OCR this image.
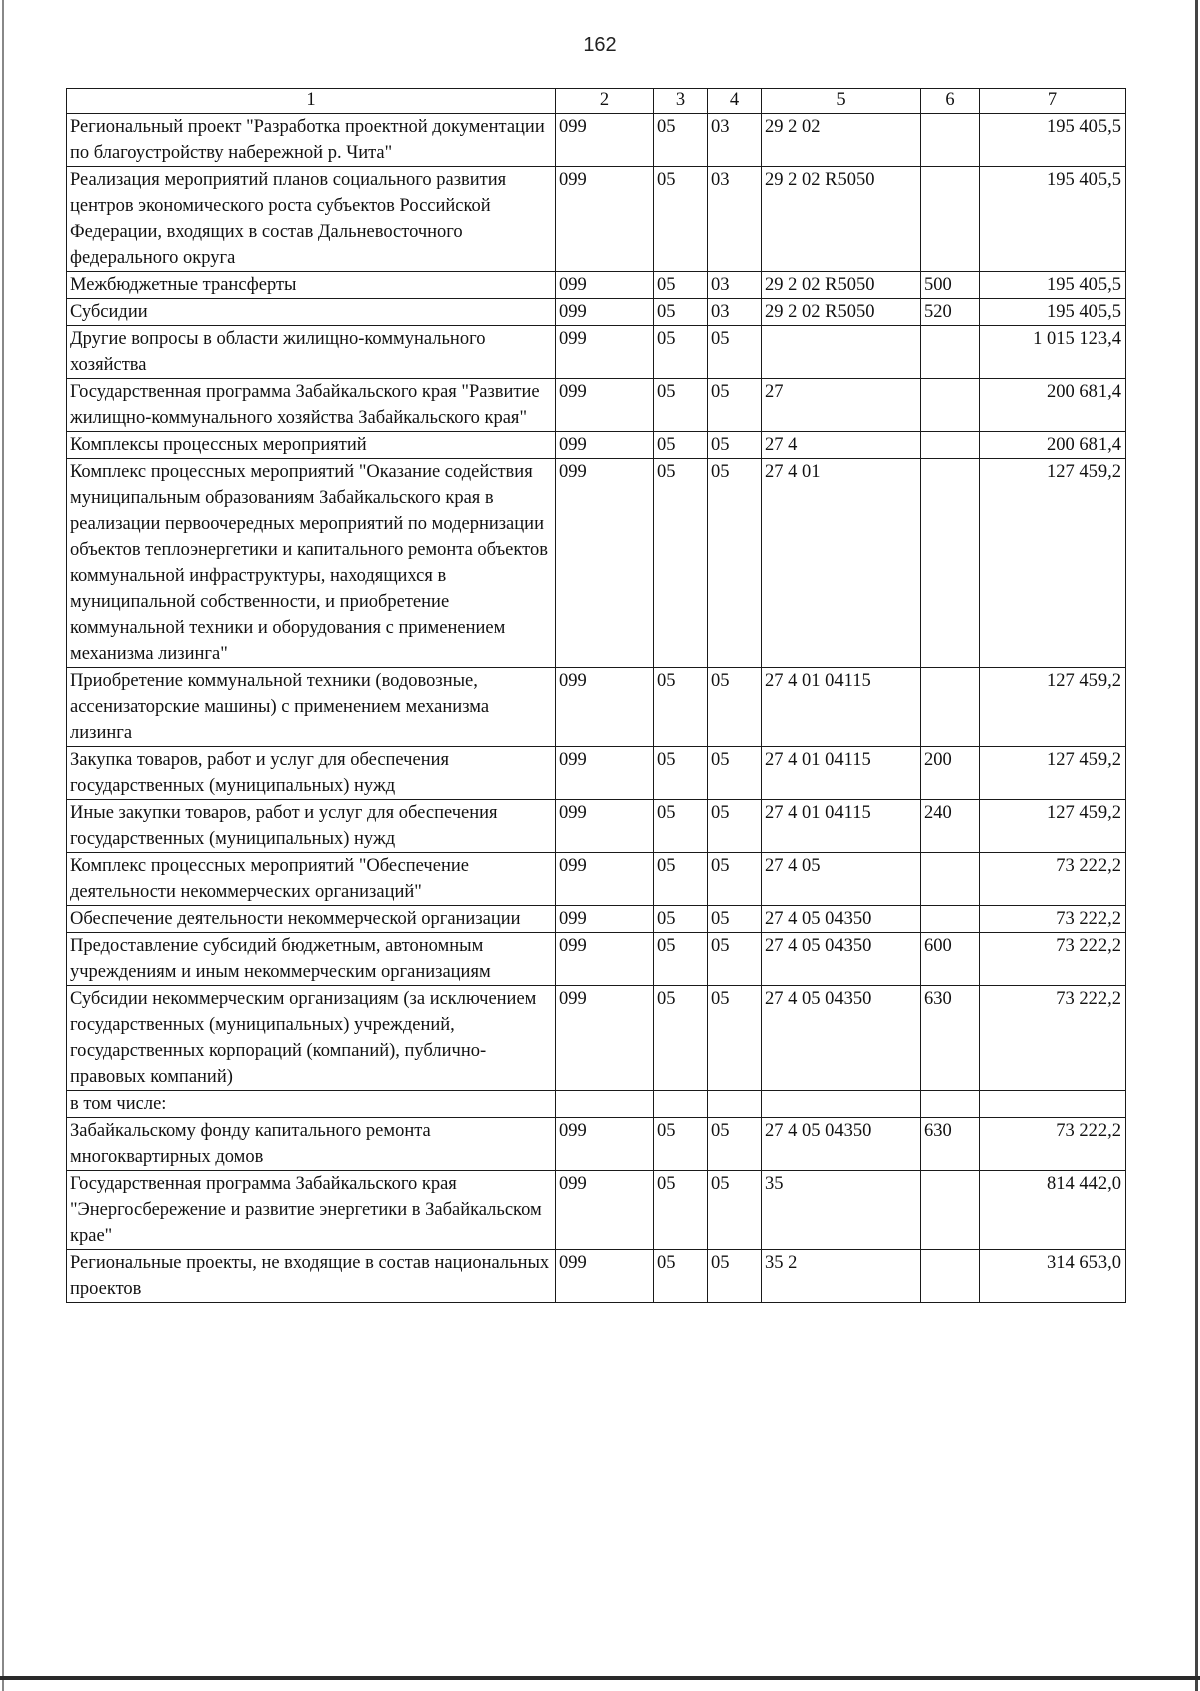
162
1	2	3	4	5	6	7
Региональный проект "Разработка проектной документации по благоустройству набережной р. Чита"	099	05	03	29 2 02		195 405,5
Реализация мероприятий планов социального развития центров экономического роста субъектов Российской Федерации, входящих в состав Дальневосточного федерального округа	099	05	03	29 2 02 R5050		195 405,5
Межбюджетные трансферты	099	05	03	29 2 02 R5050	500	195 405,5
Субсидии	099	05	03	29 2 02 R5050	520	195 405,5
Другие вопросы в области жилищно-коммунального хозяйства	099	05	05			1 015 123,4
Государственная программа Забайкальского края "Развитие жилищно-коммунального хозяйства Забайкальского края"	099	05	05	27		200 681,4
Комплексы процессных мероприятий	099	05	05	27 4		200 681,4
Комплекс процессных мероприятий "Оказание содействия муниципальным образованиям Забайкальского края в реализации первоочередных мероприятий по модернизации объектов теплоэнергетики и капитального ремонта объектов коммунальной инфраструктуры, находящихся в муниципальной собственности, и приобретение коммунальной техники и оборудования с применением механизма лизинга"	099	05	05	27 4 01		127 459,2
Приобретение коммунальной техники (водовозные, ассенизаторские машины) с применением механизма лизинга	099	05	05	27 4 01 04115		127 459,2
Закупка товаров, работ и услуг для обеспечения государственных (муниципальных) нужд	099	05	05	27 4 01 04115	200	127 459,2
Иные закупки товаров, работ и услуг для обеспечения государственных (муниципальных) нужд	099	05	05	27 4 01 04115	240	127 459,2
Комплекс процессных мероприятий "Обеспечение деятельности некоммерческих организаций"	099	05	05	27 4 05		73 222,2
Обеспечение деятельности некоммерческой организации	099	05	05	27 4 05 04350		73 222,2
Предоставление субсидий бюджетным, автономным учреждениям и иным некоммерческим организациям	099	05	05	27 4 05 04350	600	73 222,2
Субсидии некоммерческим организациям (за исключением государственных (муниципальных) учреждений, государственных корпораций (компаний), публично-правовых компаний)	099	05	05	27 4 05 04350	630	73 222,2
в том числе:						
Забайкальскому фонду капитального ремонта многоквартирных домов	099	05	05	27 4 05 04350	630	73 222,2
Государственная программа Забайкальского края "Энергосбережение и развитие энергетики в Забайкальском крае"	099	05	05	35		814 442,0
Региональные проекты, не входящие в состав национальных проектов	099	05	05	35 2		314 653,0
